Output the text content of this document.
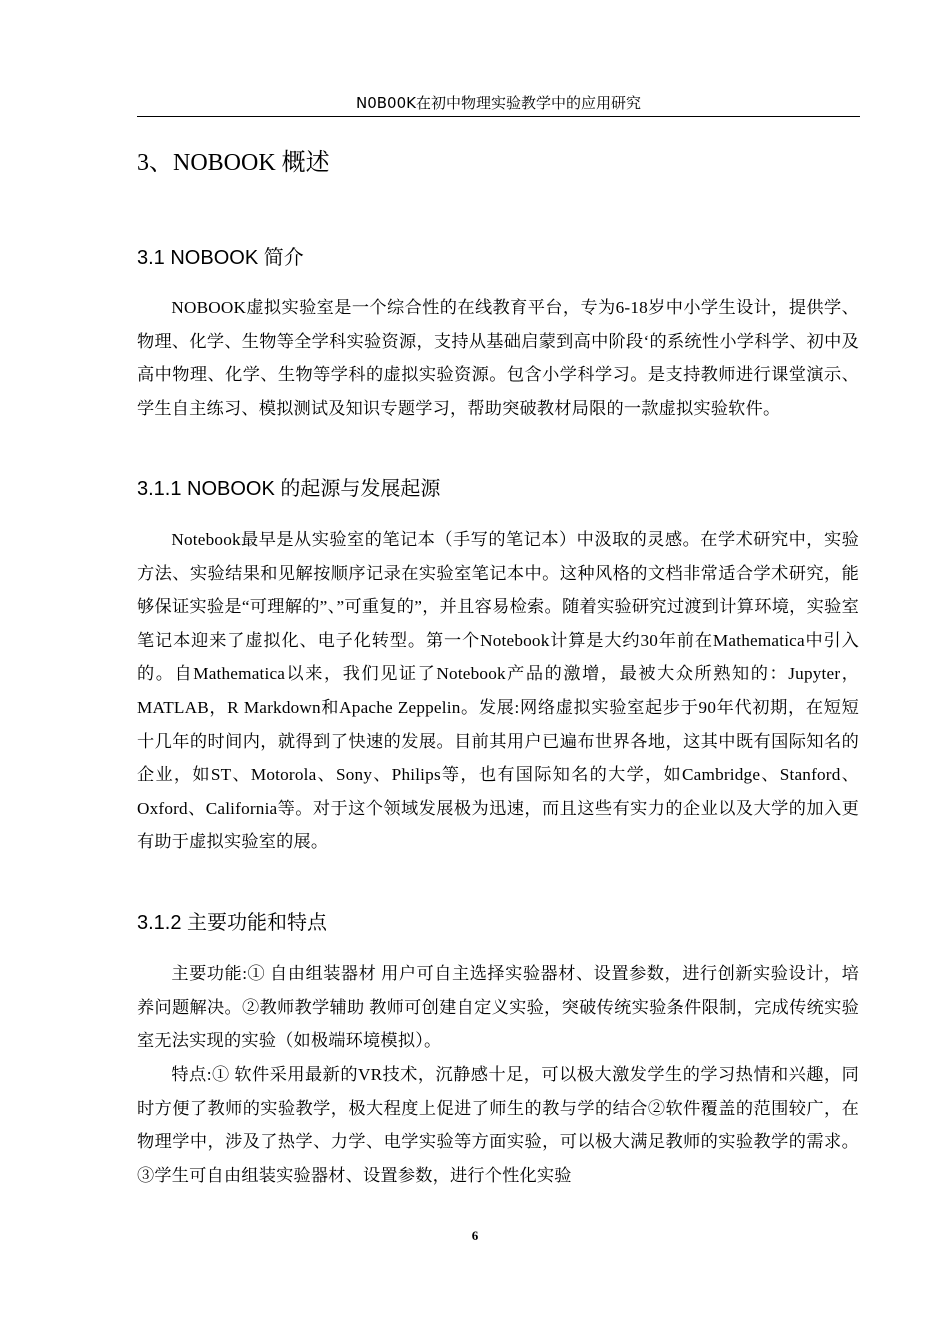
N0B00K在初中物理实验教学中的应用研究
3、NOBOOK 概述
3.1 NOBOOK 简介

NOBOOK虚拟实验室是一个综合性的在线教育平台，专为6-18岁中小学生设计，提供学、物理、化学、生物等全学科实验资源，支持从基础启蒙到高中阶段‘的系统性小学科学、初中及高中物理、化学、生物等学科的虚拟实验资源。包含小学科学习。是支持教师进行课堂演示、学生自主练习、模拟测试及知识专题学习，帮助突破教材局限的一款虚拟实验软件。

3.1.1 NOBOOK 的起源与发展起源

Notebook最早是从实验室的笔记本（手写的笔记本）中汲取的灵感。在学术研究中，实验方法、实验结果和见解按顺序记录在实验室笔记本中。这种风格的文档非常适合学术研究，能够保证实验是“可理解的”、”可重复的”，并且容易检索。随着实验研究过渡到计算环境，实验室笔记本迎来了虚拟化、电子化转型。第一个Notebook计算是大约30年前在Mathematica中引入的。自Mathematica以来，我们见证了Notebook产品的激增，最被大众所熟知的：Jupyter，MATLAB，R Markdown和Apache Zeppelin。发展:网络虚拟实验室起步于90年代初期，在短短十几年的时间内，就得到了快速的发展。目前其用户已遍布世界各地，这其中既有国际知名的企业，如ST、Motorola、Sony、Philips等，也有国际知名的大学，如Cambridge、Stanford、Oxford、California等。对于这个领域发展极为迅速，而且这些有实力的企业以及大学的加入更有助于虚拟实验室的展。

3.1.2 主要功能和特点

主要功能:① 自由组装器材 用户可自主选择实验器材、设置参数，进行创新实验设计，培养问题解决。②教师教学辅助 教师可创建自定义实验，突破传统实验条件限制，完成传统实验室无法实现的实验（如极端环境模拟）。

特点:① 软件采用最新的VR技术，沉静感十足，可以极大激发学生的学习热情和兴趣，同时方便了教师的实验教学，极大程度上促进了师生的教与学的结合②软件覆盖的范围较广，在物理学中，涉及了热学、力学、电学实验等方面实验，可以极大满足教师的实验教学的需求。③学生可自由组装实验器材、设置参数，进行个性化实验

6
